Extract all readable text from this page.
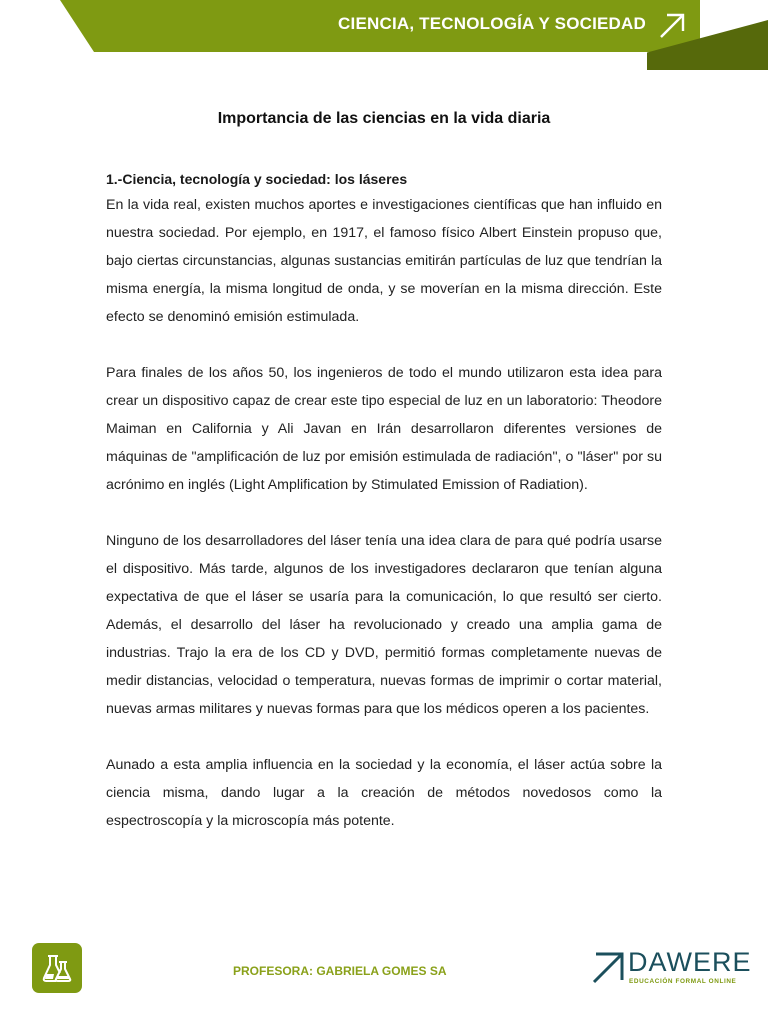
CIENCIA, TECNOLOGÍA Y SOCIEDAD
Importancia de las ciencias en la vida diaria

1.-Ciencia, tecnología y sociedad: los láseres

En la vida real, existen muchos aportes e investigaciones científicas que han influido en nuestra sociedad. Por ejemplo, en 1917, el famoso físico Albert Einstein propuso que, bajo ciertas circunstancias, algunas sustancias emitirán partículas de luz que tendrían la misma energía, la misma longitud de onda, y se moverían en la misma dirección. Este efecto se denominó emisión estimulada.

Para finales de los años 50, los ingenieros de todo el mundo utilizaron esta idea para crear un dispositivo capaz de crear este tipo especial de luz en un laboratorio: Theodore Maiman en California y Ali Javan en Irán desarrollaron diferentes versiones de máquinas de "amplificación de luz por emisión estimulada de radiación", o "láser" por su acrónimo en inglés (Light Amplification by Stimulated Emission of Radiation).

Ninguno de los desarrolladores del láser tenía una idea clara de para qué podría usarse el dispositivo. Más tarde, algunos de los investigadores declararon que tenían alguna expectativa de que el láser se usaría para la comunicación, lo que resultó ser cierto. Además, el desarrollo del láser ha revolucionado y creado una amplia gama de industrias. Trajo la era de los CD y DVD, permitió formas completamente nuevas de medir distancias, velocidad o temperatura, nuevas formas de imprimir o cortar material, nuevas armas militares y nuevas formas para que los médicos operen a los pacientes.

Aunado a esta amplia influencia en la sociedad y la economía, el láser actúa sobre la ciencia misma, dando lugar a la creación de métodos novedosos como la espectroscopía y la microscopía más potente.

PROFESORA: GABRIELA GOMES SA	DAWERE
EDUCACIÓN FORMAL ONLINE
